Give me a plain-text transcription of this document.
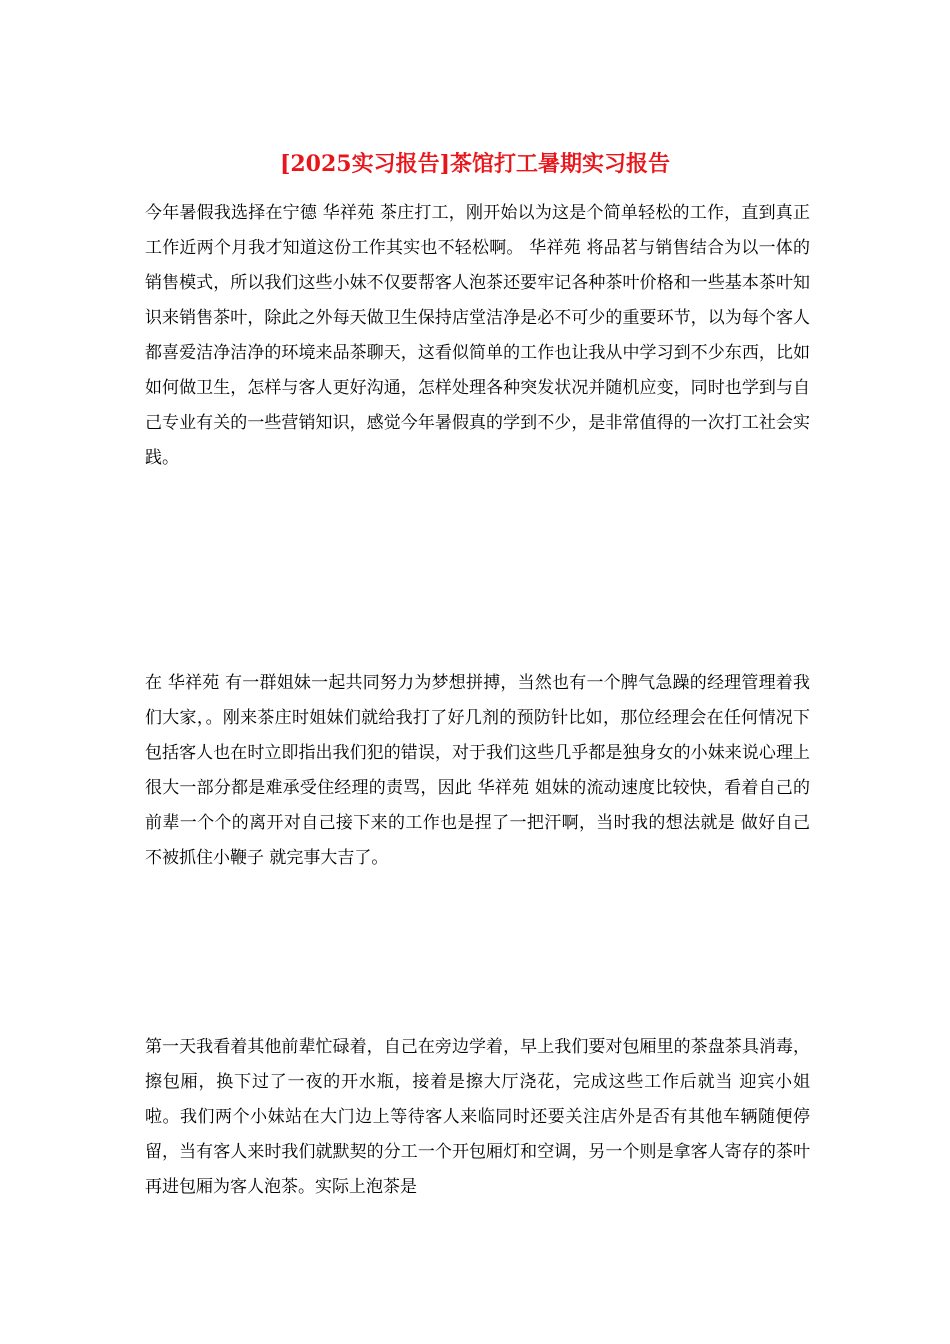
[2025实习报告]茶馆打工暑期实习报告

今年暑假我选择在宁德 华祥苑 茶庄打工，刚开始以为这是个简单轻松的工作，直到真正工作近两个月我才知道这份工作其实也不轻松啊。 华祥苑 将品茗与销售结合为以一体的销售模式，所以我们这些小妹不仅要帮客人泡茶还要牢记各种茶叶价格和一些基本茶叶知识来销售茶叶，除此之外每天做卫生保持店堂洁净是必不可少的重要环节，以为每个客人都喜爱洁净洁净的环境来品茶聊天，这看似简单的工作也让我从中学习到不少东西，比如如何做卫生，怎样与客人更好沟通，怎样处理各种突发状况并随机应变，同时也学到与自己专业有关的一些营销知识，感觉今年暑假真的学到不少，是非常值得的一次打工社会实践。

在 华祥苑 有一群姐妹一起共同努力为梦想拼搏，当然也有一个脾气急躁的经理管理着我们大家，。刚来茶庄时姐妹们就给我打了好几剂的预防针比如，那位经理会在任何情况下包括客人也在时立即指出我们犯的错误，对于我们这些几乎都是独身女的小妹来说心理上很大一部分都是难承受住经理的责骂，因此 华祥苑 姐妹的流动速度比较快，看着自己的前辈一个个的离开对自己接下来的工作也是捏了一把汗啊，当时我的想法就是 做好自己不被抓住小鞭子 就完事大吉了。

第一天我看着其他前辈忙碌着，自己在旁边学着，早上我们要对包厢里的茶盘茶具消毒，擦包厢，换下过了一夜的开水瓶，接着是擦大厅浇花，完成这些工作后就当 迎宾小姐 啦。我们两个小妹站在大门边上等待客人来临同时还要关注店外是否有其他车辆随便停留，当有客人来时我们就默契的分工一个开包厢灯和空调，另一个则是拿客人寄存的茶叶再进包厢为客人泡茶。实际上泡茶是
